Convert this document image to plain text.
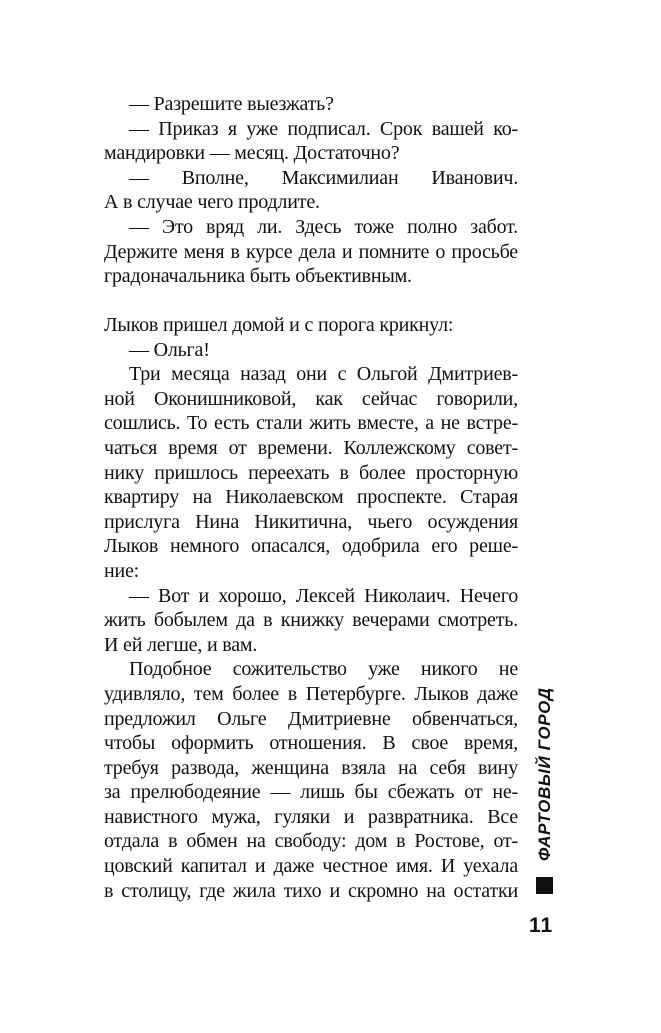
— Разрешите выезжать?
— Приказ я уже подписал. Срок вашей ко-
мандировки — месяц. Достаточно?
— Вполне, Максимилиан Иванович.
А в случае чего продлите.
— Это вряд ли. Здесь тоже полно забот.
Держите меня в курсе дела и помните о просьбе
градоначальника быть объективным.
Лыков пришел домой и с порога крикнул:
— Ольга!
Три месяца назад они с Ольгой Дмитриев-
ной Оконишниковой, как сейчас говорили,
сошлись. То есть стали жить вместе, а не встре-
чаться время от времени. Коллежскому совет-
нику пришлось переехать в более просторную
квартиру на Николаевском проспекте. Старая
прислуга Нина Никитична, чьего осуждения
Лыков немного опасался, одобрила его реше-
ние:
— Вот и хорошо, Лексей Николаич. Нечего
жить бобылем да в книжку вечерами смотреть.
И ей легше, и вам.
Подобное сожительство уже никого не
удивляло, тем более в Петербурге. Лыков даже
предложил Ольге Дмитриевне обвенчаться,
чтобы оформить отношения. В свое время,
требуя развода, женщина взяла на себя вину
за прелюбодеяние — лишь бы сбежать от не-
навистного мужа, гуляки и развратника. Все
отдала в обмен на свободу: дом в Ростове, от-
цовский капитал и даже честное имя. И уехала
в столицу, где жила тихо и скромно на остатки
ФАРТОВЫЙ ГОРОД
11
